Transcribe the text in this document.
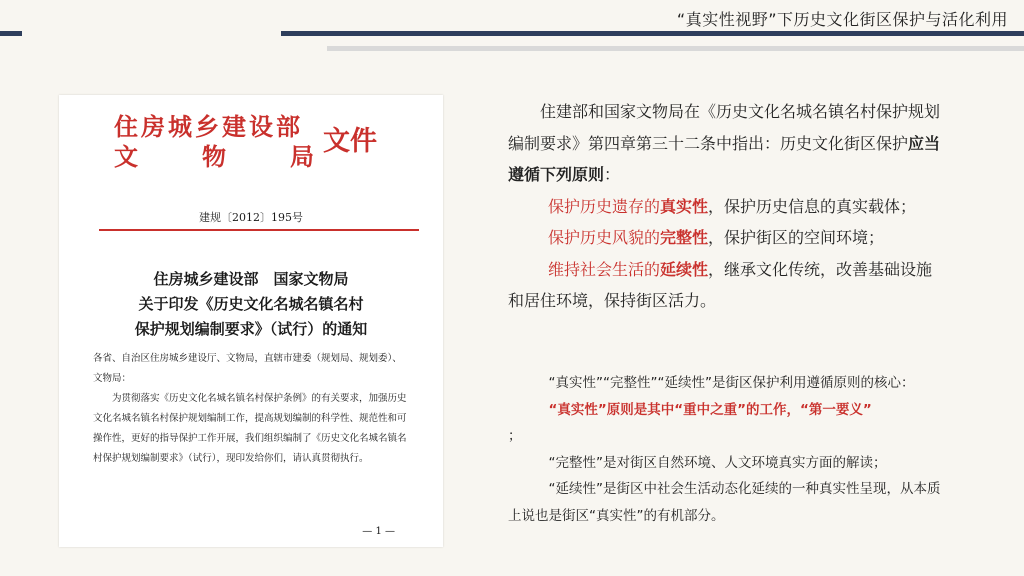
“真实性视野”下历史文化街区保护与活化利用
住房城乡建设部
文	物	局 文件
建规〔2012〕195号
住房城乡建设部　国家文物局
关于印发《历史文化名城名镇名村
保护规划编制要求》（试行）的通知

各省、自治区住房城乡建设厅、文物局，直辖市建委（规划局、规划委）、文物局：

为贯彻落实《历史文化名城名镇名村保护条例》的有关要求，加强历史文化名城名镇名村保护规划编制工作，提高规划编制的科学性、规范性和可操作性，更好的指导保护工作开展，我们组织编制了《历史文化名城名镇名村保护规划编制要求》（试行），现印发给你们，请认真贯彻执行。

— 1 —

住建部和国家文物局在《历史文化名城名镇名村保护规划编制要求》第四章第三十二条中指出：历史文化街区保护应当遵循下列原则：

保护历史遗存的真实性，保护历史信息的真实载体；

保护历史风貌的完整性，保护街区的空间环境；

维持社会生活的延续性，继承文化传统，改善基础设施和居住环境，保持街区活力。

“真实性”“完整性”“延续性”是街区保护利用遵循原则的核心：

“真实性”原则是其中“重中之重”的工作，“第一要义”
；

“完整性”是对街区自然环境、人文环境真实方面的解读；

“延续性”是街区中社会生活动态化延续的一种真实性呈现，从本质上说也是街区“真实性”的有机部分。
